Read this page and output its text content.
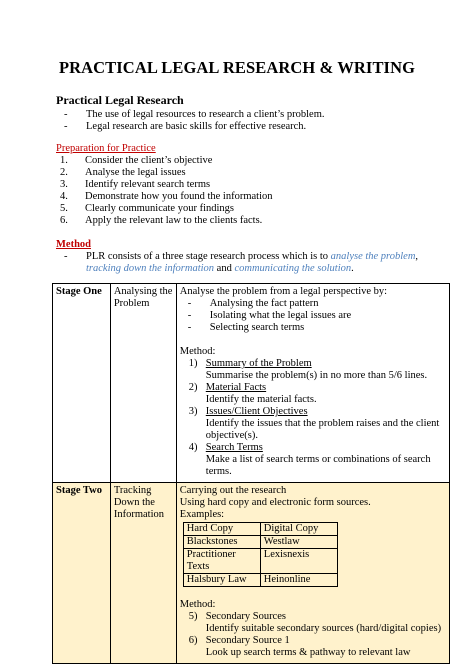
PRACTICAL LEGAL RESEARCH & WRITING
Practical Legal Research
-	The use of legal resources to research a client’s problem.
-	Legal research are basic skills for effective research.
Preparation for Practice
1.	Consider the client’s objective
2.	Analyse the legal issues
3.	Identify relevant search terms
4.	Demonstrate how you found the information
5.	Clearly communicate your findings
6.	Apply the relevant law to the clients facts.
Method
-	PLR consists of a three stage research process which is to analyse the problem, tracking down the information and communicating the solution.
Stage One	Analysing the Problem	
Analyse the problem from a legal perspective by:
-	Analysing the fact pattern
-	Isolating what the legal issues are
-	Selecting search terms
Method:
1) Summary of the Problem
Summarise the problem(s) in no more than 5/6 lines.
2) Material Facts
Identify the material facts.
3) Issues/Client Objectives
Identify the issues that the problem raises and the client objective(s).
4) Search Terms
Make a list of search terms or combinations of search terms.

Stage Two	Tracking Down the Information	
Carrying out the research
Using hard copy and electronic form sources.
Examples:
Hard Copy	Digital Copy
Blackstones	Westlaw
Practitioner Texts	Lexisnexis
Halsbury Law	Heinonline
Method:
5) Secondary Sources
Identify suitable secondary sources (hard/digital copies)
6) Secondary Source 1
Look up search terms & pathway to relevant law
